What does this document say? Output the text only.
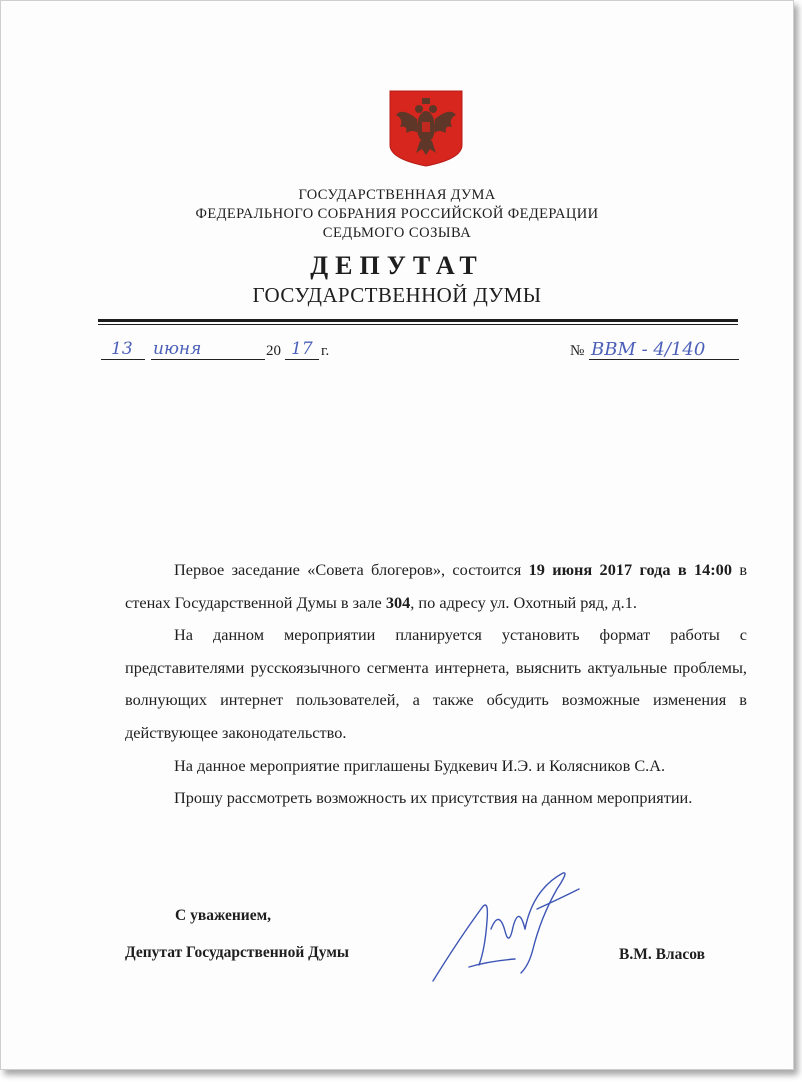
ГОСУДАРСТВЕННАЯ ДУМА
ФЕДЕРАЛЬНОГО СОБРАНИЯ РОССИЙСКОЙ ФЕДЕРАЦИИ
СЕДЬМОГО СОЗЫВА
ДЕПУТАТ
ГОСУДАРСТВЕННОЙ ДУМЫ
13 июня	20 17 г.	№ ВВМ - 4/140

Первое заседание «Совета блогеров», состоится 19 июня 2017 года в 14:00 в стенах Государственной Думы в зале 304, по адресу ул. Охотный ряд, д.1.

На данном мероприятии планируется установить формат работы с представителями русскоязычного сегмента интернета, выяснить актуальные проблемы, волнующих интернет пользователей, а также обсудить возможные изменения в действующее законодательство.

На данное мероприятие приглашены Будкевич И.Э. и Колясников С.А.

Прошу рассмотреть возможность их присутствия на данном мероприятии.

С уважением,
Депутат Государственной Думы	В.М. Власов
